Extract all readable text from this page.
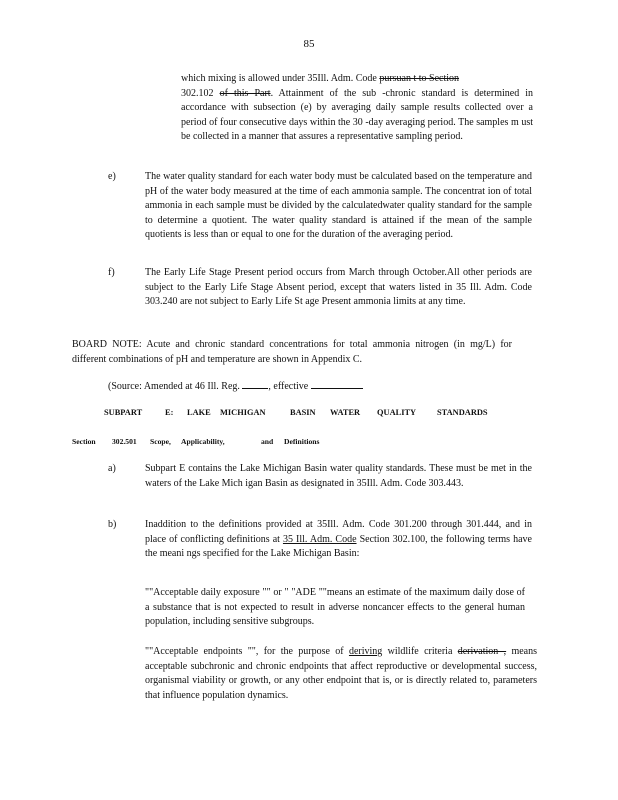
85
which mixing is allowed under 35Ill. Adm. Code pursuan t to Section
302.102 of this Part. Attainment of the sub -chronic standard is determined in accordance with subsection (e) by averaging daily sample results collected over a period of four consecutive days within the 30 -day averaging period. The samples m ust be collected in a manner that assures a representative sampling period.
e)	The water quality standard for each water body must be calculated based on the temperature and pH of the water body measured at the time of each ammonia sample. The concentrat ion of total ammonia in each sample must be divided by the calculatedwater quality standard for the sample to determine a quotient. The water quality standard is attained if the mean of the sample quotients is less than or equal to one for the duration of the averaging period.
f)	The Early Life Stage Present period occurs from March through October.All other periods are subject to the Early Life Stage Absent period, except that waters listed in 35 Ill. Adm. Code 303.240 are not subject to Early Life St age Present ammonia limits at any time.
BOARD NOTE: Acute and chronic standard concentrations for total ammonia nitrogen (in mg/L) for different combinations of pH and temperature are shown in Appendix C.
(Source: Amended at 46 Ill. Reg.	, effective
SUBPART	E: LAKE MICHIGAN	BASIN WATER QUALITY STANDARDS
Section 302.501 Scope, Applicability,	and Definitions
a)	Subpart E contains the Lake Michigan Basin water quality standards. These must be met in the waters of the Lake Mich igan Basin as designated in 35Ill. Adm. Code 303.443.
b)	Inaddition to the definitions provided at 35Ill. Adm. Code 301.200 through 301.444, and in place of conflicting definitions at 35 Ill. Adm. Code Section 302.100, the following terms have the meani ngs specified for the Lake Michigan Basin:
""Acceptable daily exposure "" or " "ADE ""means an estimate of the maximum daily dose of a substance that is not expected to result in adverse noncancer effects to the general human population, including sensitive subgroups.
""Acceptable endpoints "", for the purpose of deriving wildlife criteria derivation , means acceptable subchronic and chronic endpoints that affect reproductive or developmental success, organismal viability or growth, or any other endpoint that is, or is directly related to, parameters that influence population dynamics.
